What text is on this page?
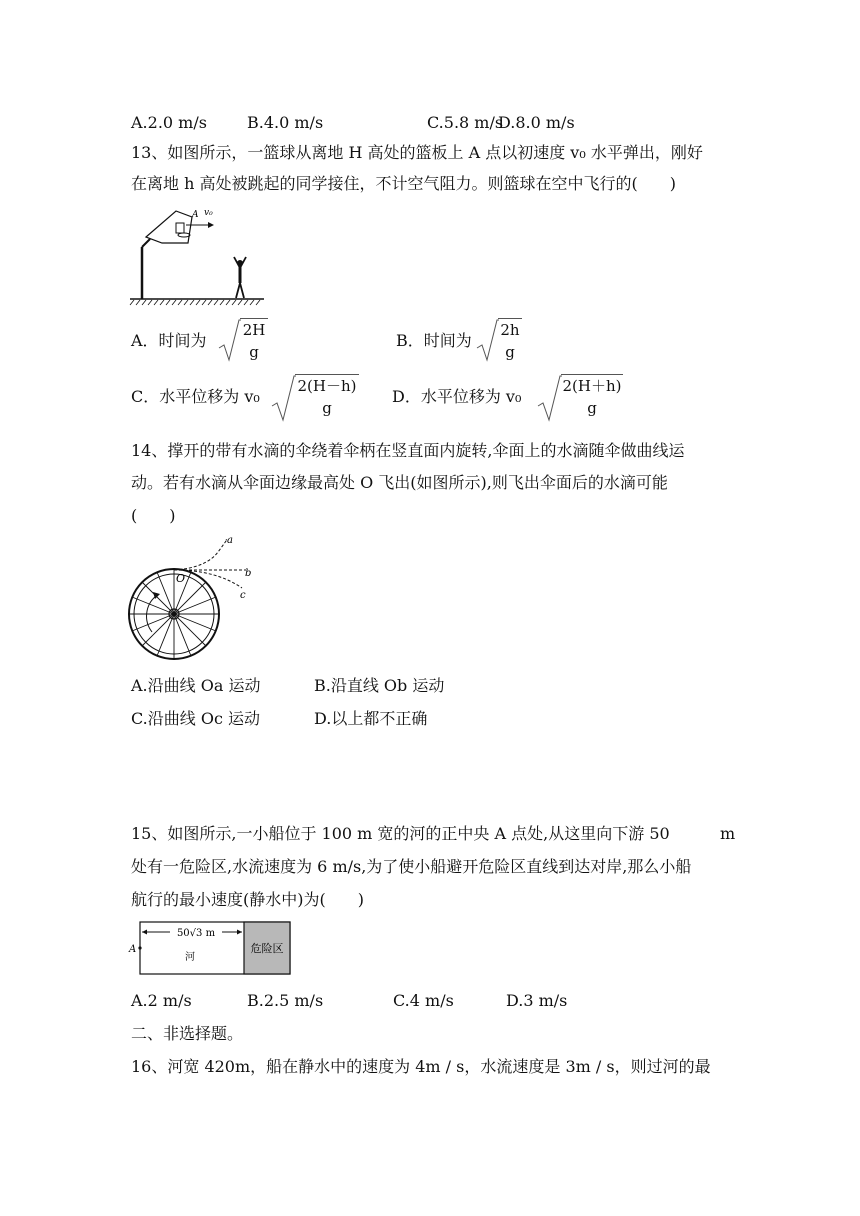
A.2.0 m/s	B.4.0 m/s	C.5.8 m/s
D.8.0 m/s
13、如图所示，一篮球从离地 H 高处的篮板上 A 点以初速度 v₀ 水平弹出，刚好
在离地 h 高处被跳起的同学接住，不计空气阻力。则篮球在空中飞行的(　　)
A v₀
A．时间为
2H
g
B．时间为
2h
g
C．水平位移为 v₀
2(H－h)
g
D．水平位移为 v₀
2(H＋h)
g
14、撑开的带有水滴的伞绕着伞柄在竖直面内旋转,伞面上的水滴随伞做曲线运
动。若有水滴从伞面边缘最高处 O 飞出(如图所示),则飞出伞面后的水滴可能
(　　)
O
a
b
c
A.沿曲线 Oa 运动	B.沿直线 Ob 运动
C.沿曲线 Oc 运动	D.以上都不正确
15、如图所示,一小船位于 100 m 宽的河的正中央 A 点处,从这里向下游 50	m
处有一危险区,水流速度为 6 m/s,为了使小船避开危险区直线到达对岸,那么小船
航行的最小速度(静水中)为(　　)
50√3 m
A
河
危险区
A.2 m/s	B.2.5 m/s	C.4 m/s	D.3 m/s
二、非选择题。
16、河宽 420m，船在静水中的速度为 4m / s，水流速度是 3m / s，则过河的最
